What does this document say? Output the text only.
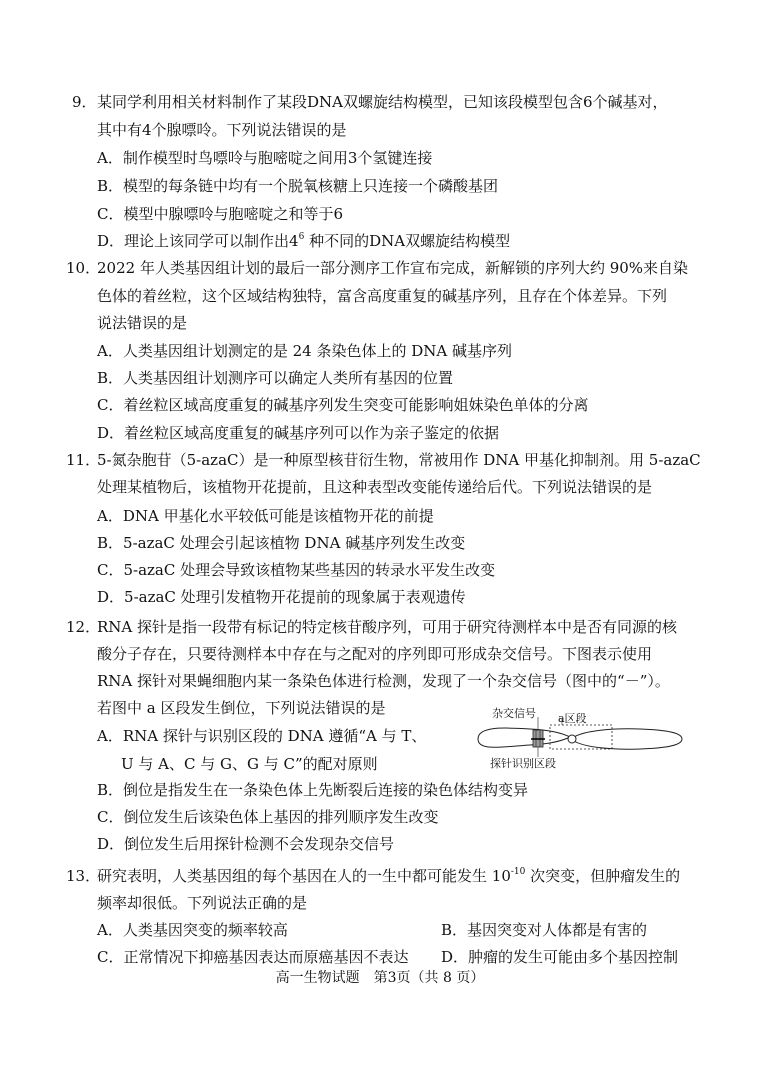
9． 某同学利用相关材料制作了某段DNA双螺旋结构模型，已知该段模型包含6个碱基对，
其中有4个腺嘌呤。下列说法错误的是
A．制作模型时鸟嘌呤与胞嘧啶之间用3个氢键连接
B．模型的每条链中均有一个脱氧核糖上只连接一个磷酸基团
C．模型中腺嘌呤与胞嘧啶之和等于6
D．理论上该同学可以制作出$4^6$ 种不同的DNA双螺旋结构模型
10．
2022 年人类基因组计划的最后一部分测序工作宣布完成，新解锁的序列大约 90%来自染
色体的着丝粒，这个区域结构独特，富含高度重复的碱基序列，且存在个体差异。下列
说法错误的是
A．人类基因组计划测定的是 24 条染色体上的 DNA 碱基序列
B．人类基因组计划测序可以确定人类所有基因的位置
C．着丝粒区域高度重复的碱基序列发生突变可能影响姐妹染色单体的分离
D．着丝粒区域高度重复的碱基序列可以作为亲子鉴定的依据
11．
5-氮杂胞苷（5-azaC）是一种原型核苷衍生物，常被用作 DNA 甲基化抑制剂。用 5-azaC
处理某植物后，该植物开花提前，且这种表型改变能传递给后代。下列说法错误的是
A．DNA 甲基化水平较低可能是该植物开花的前提
B．5-azaC 处理会引起该植物 DNA 碱基序列发生改变
C．5-azaC 处理会导致该植物某些基因的转录水平发生改变
D．5-azaC 处理引发植物开花提前的现象属于表观遗传
12．
RNA 探针是指一段带有标记的特定核苷酸序列，可用于研究待测样本中是否有同源的核
酸分子存在，只要待测样本中存在与之配对的序列即可形成杂交信号。下图表示使用
RNA 探针对果蝇细胞内某一条染色体进行检测，发现了一个杂交信号（图中的“－”）。
若图中 a 区段发生倒位，下列说法错误的是
A．RNA 探针与识别区段的 DNA 遵循“A 与 T、
U 与 A、C 与 G、G 与 C”的配对原则
B．倒位是指发生在一条染色体上先断裂后连接的染色体结构变异
C．倒位发生后该染色体上基因的排列顺序发生改变
D．倒位发生后用探针检测不会发现杂交信号
杂交信号 a区段
探针识别区段
13．
研究表明，人类基因组的每个基因在人的一生中都可能发生 $10^{-10}$ 次突变，但肿瘤发生的
频率却很低。下列说法正确的是
A．人类基因突变的频率较高	B．基因突变对人体都是有害的
C．正常情况下抑癌基因表达而原癌基因不表达 D．肿瘤的发生可能由多个基因控制
高一生物试题　第3页（共 8 页）
